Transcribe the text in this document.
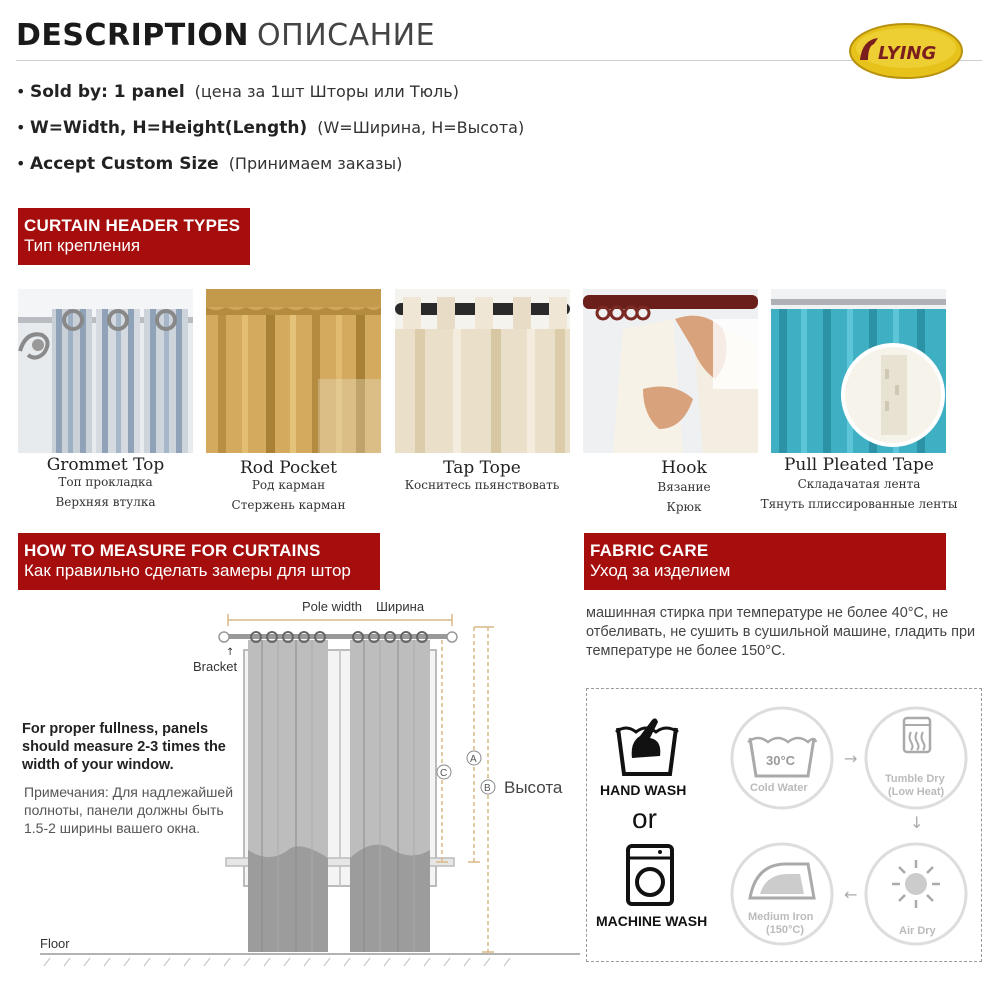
DESCRIPTION ОПИСАНИЕ
LYING
• Sold by: 1 panel (цена за 1шт Шторы или Тюль)
• W=Width, H=Height(Length) (W=Ширина, H=Высота)
• Accept Custom Size (Принимаем заказы)
CURTAIN HEADER TYPES
Тип крепления
Grommet Top
Топ прокладка
Верхняя втулка
Rod Pocket
Род карман
Стержень карман
Tap Tope
Коснитесь пьянствовать
Hook
Вязание
Крюк
Pull Pleated Tape
Складачатая лента
Тянуть плиссированные ленты
HOW TO MEASURE FOR CURTAINS
Как правильно сделать замеры для штор
Pole width Ширина
↑
Bracket
C
A
B Высота
Floor
For proper fullness, panels should measure 2-3 times the width of your window.
Примечания: Для надлежайшей полноты, панели должны быть 1.5-2 ширины вашего окна.
FABRIC CARE
Уход за изделием
машинная стирка при температуре не более 40°С, не отбеливать, не сушить в сушильной машине, гладить при температуре не более 150°С.
HAND WASH
or
MACHINE WASH
30°C
Cold Water
→
Tumble Dry
(Low Heat)
↓
Medium Iron
(150°C)
←
Air Dry
